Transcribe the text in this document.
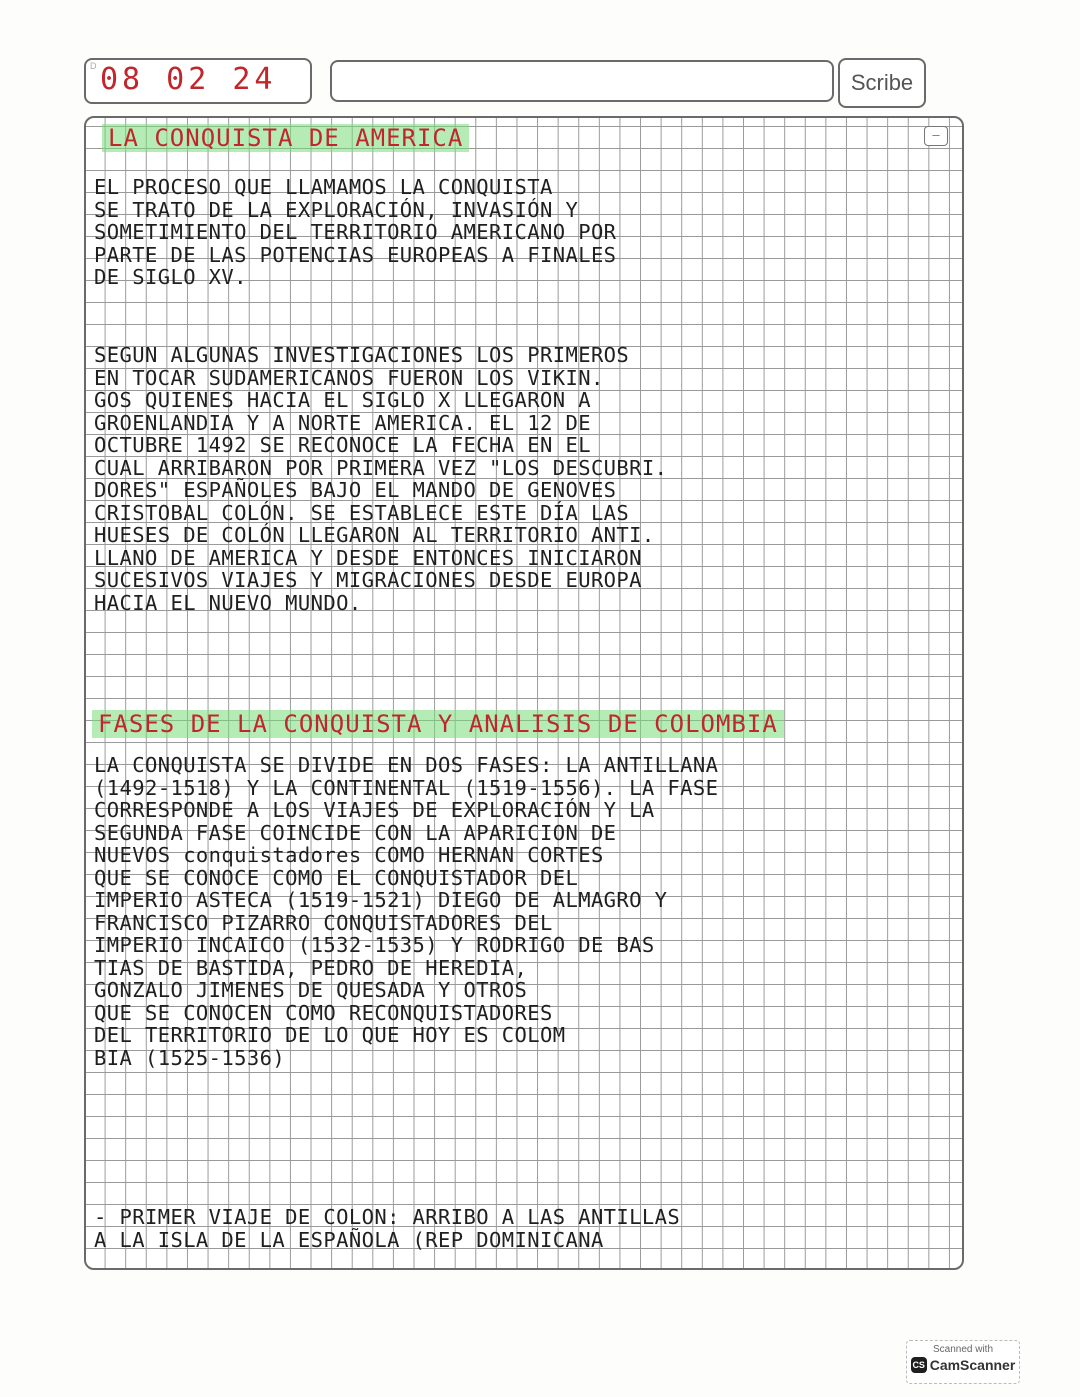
D 08 02 24	Scribe
–
LA CONQUISTA DE AMERICA
EL PROCESO QUE LLAMAMOS LA CONQUISTA
SE TRATO DE LA EXPLORACIÓN, INVASIÓN Y
SOMETIMIENTO DEL TERRITORIO AMERICANO POR
PARTE DE LAS POTENCIAS EUROPEAS A FINALES
DE SIGLO XV.
SEGUN ALGUNAS INVESTIGACIONES LOS PRIMEROS
EN TOCAR SUDAMERICANOS FUERON LOS VIKIN.
GOS QUIENES HACIA EL SIGLO X LLEGARON A
GROENLANDIA Y A NORTE AMERICA. EL 12 DE
OCTUBRE 1492 SE RECONOCE LA FECHA EN EL
CUAL ARRIBARON POR PRIMERA VEZ "LOS DESCUBRI.
DORES" ESPAÑOLES BAJO EL MANDO DE GENOVES
CRISTOBAL COLÓN. SE ESTABLECE ESTE DÍA LAS
HUESES DE COLÓN LLEGARON AL TERRITORIO ANTI.
LLANO DE AMERICA Y DESDE ENTONCES INICIARON
SUCESIVOS VIAJES Y MIGRACIONES DESDE EUROPA
HACIA EL NUEVO MUNDO.
FASES DE LA CONQUISTA Y ANALISIS DE COLOMBIA
LA CONQUISTA SE DIVIDE EN DOS FASES: LA ANTILLANA
(1492-1518) Y LA CONTINENTAL (1519-1556). LA FASE
CORRESPONDE A LOS VIAJES DE EXPLORACIÓN Y LA
SEGUNDA FASE COINCIDE CON LA APARICION DE
NUEVOS conquistadores COMO HERNAN CORTES
QUE SE CONOCE COMO EL CONQUISTADOR DEL
IMPERIO ASTECA (1519-1521) DIEGO DE ALMAGRO Y
FRANCISCO PIZARRO CONQUISTADORES DEL
IMPERIO INCAICO (1532-1535) Y RODRIGO DE BAS
TIAS DE BASTIDA, PEDRO DE HEREDIA,
GONZALO JIMENES DE QUESADA Y OTROS
QUE SE CONOCEN COMO RECONQUISTADORES
DEL TERRITORIO DE LO QUE HOY ES COLOM
BIA (1525-1536)
- PRIMER VIAJE DE COLON: ARRIBO A LAS ANTILLAS
A LA ISLA DE LA ESPAÑOLA (REP DOMINICANA
Scanned with
CS CamScanner
